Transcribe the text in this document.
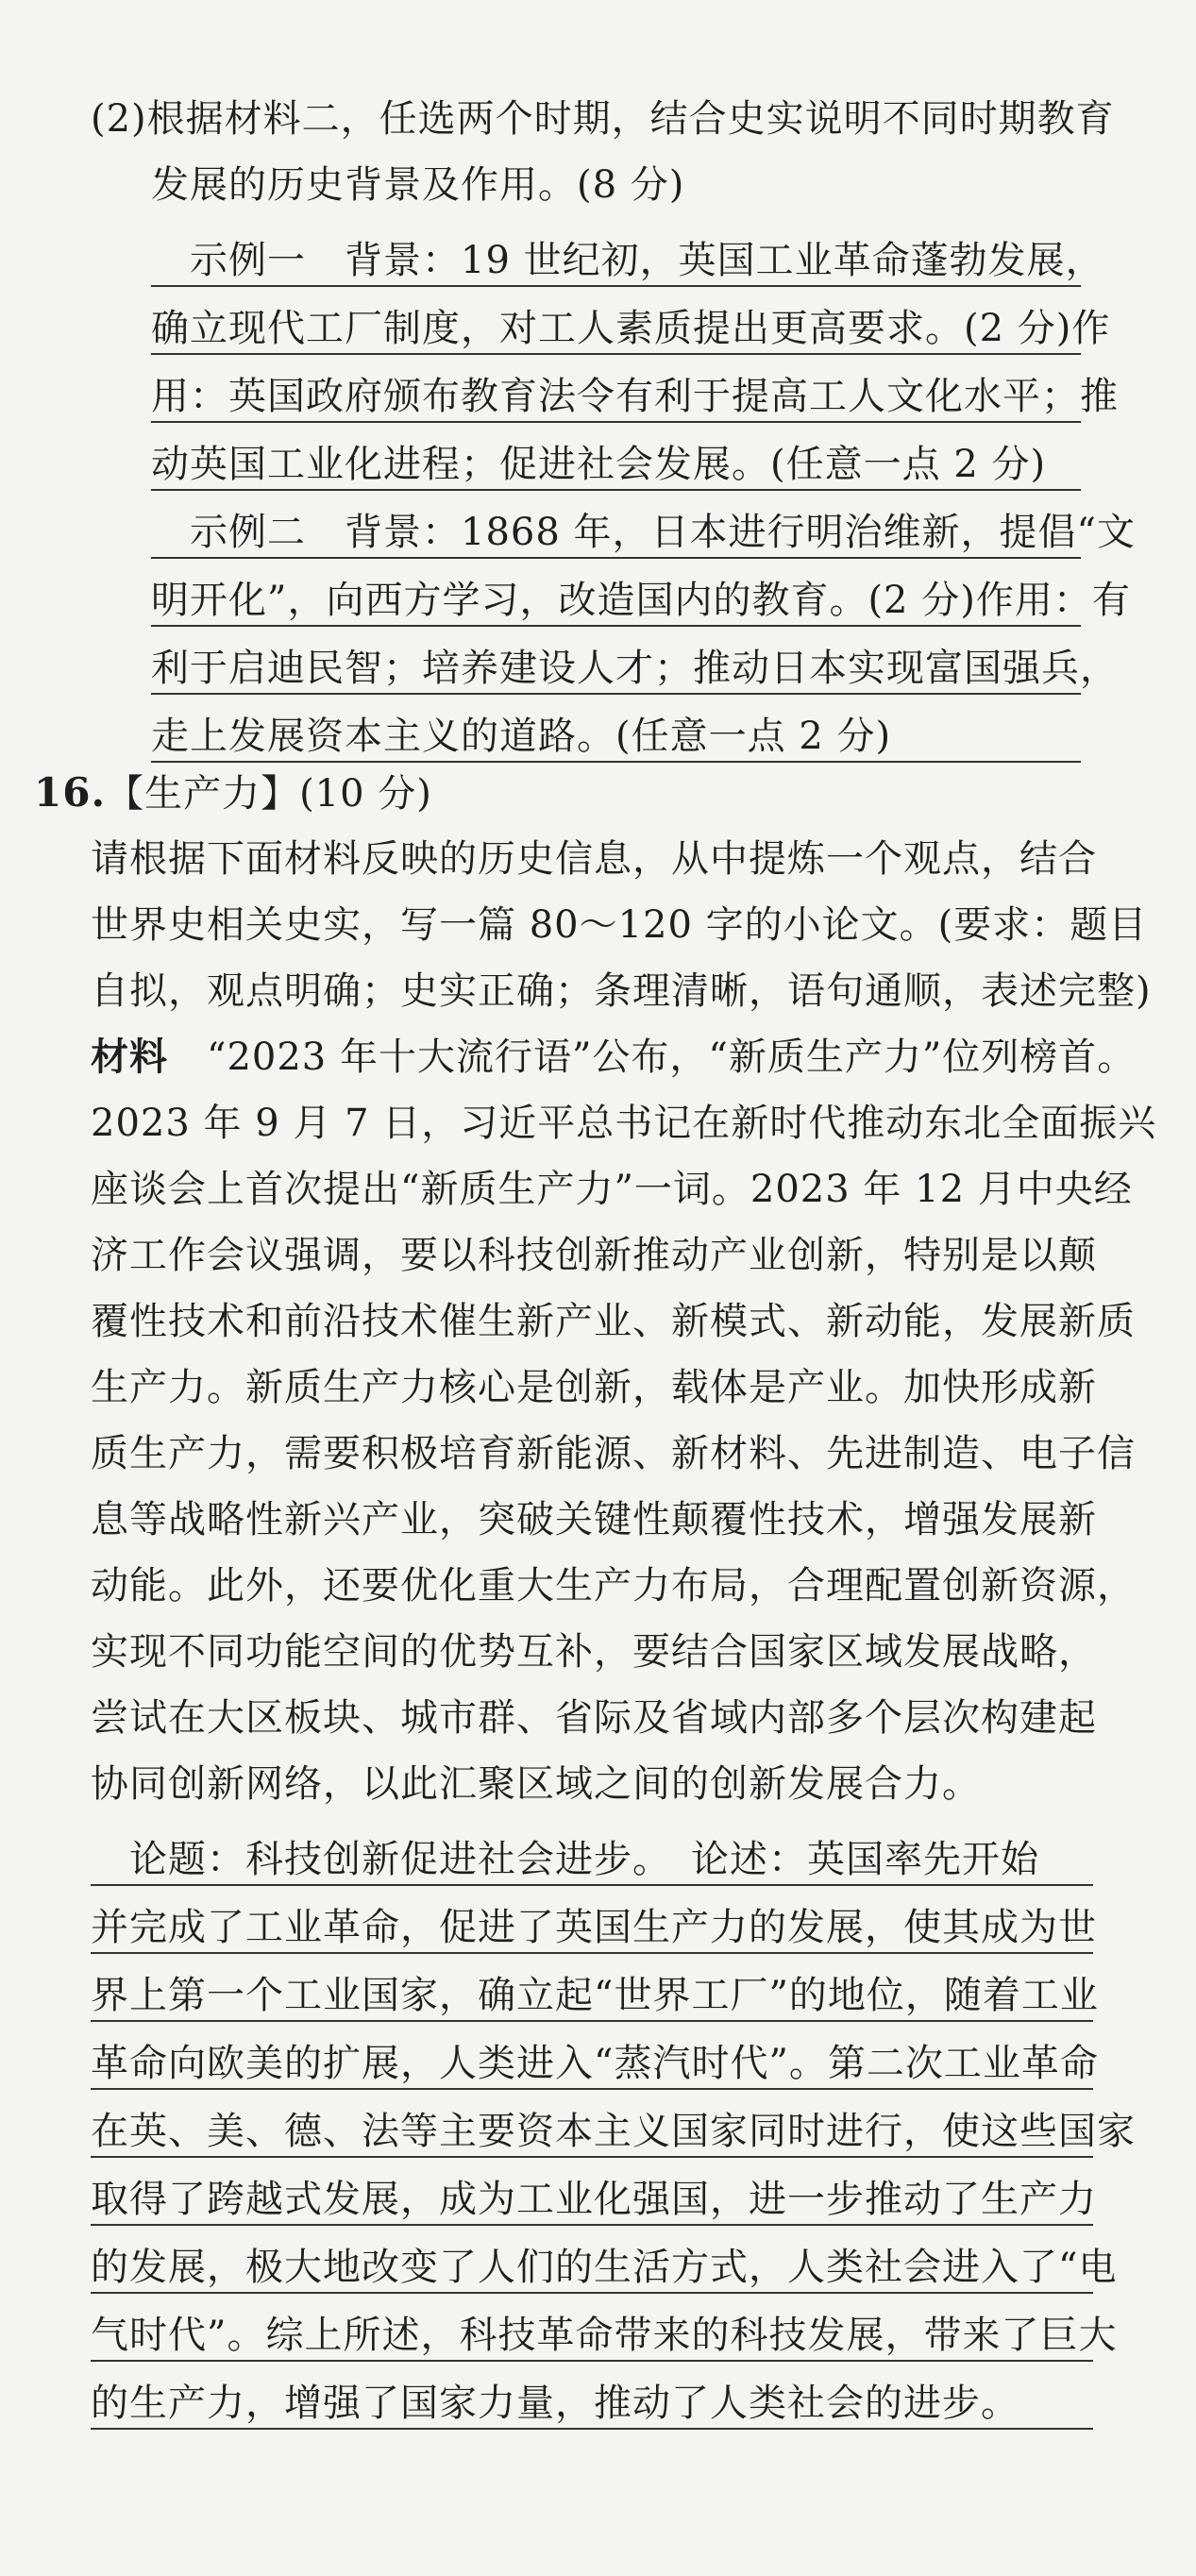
(2)根据材料二，任选两个时期，结合史实说明不同时期教育
发展的历史背景及作用。(8 分)
　示例一　背景：19 世纪初，英国工业革命蓬勃发展，
确立现代工厂制度，对工人素质提出更高要求。(2 分)作
用：英国政府颁布教育法令有利于提高工人文化水平；推
动英国工业化进程；促进社会发展。(任意一点 2 分)
　示例二　背景：1868 年，日本进行明治维新，提倡“文
明开化”，向西方学习，改造国内的教育。(2 分)作用：有
利于启迪民智；培养建设人才；推动日本实现富国强兵，
走上发展资本主义的道路。(任意一点 2 分)
16.【生产力】(10 分)
请根据下面材料反映的历史信息，从中提炼一个观点，结合
世界史相关史实，写一篇 80～120 字的小论文。(要求：题目
自拟，观点明确；史实正确；条理清晰，语句通顺，表述完整)
材料　 “2023 年十大流行语”公布，“新质生产力”位列榜首。
2023 年 9 月 7 日，习近平总书记在新时代推动东北全面振兴
座谈会上首次提出“新质生产力”一词。2023 年 12 月中央经
济工作会议强调，要以科技创新推动产业创新，特别是以颠
覆性技术和前沿技术催生新产业、新模式、新动能，发展新质
生产力。新质生产力核心是创新，载体是产业。加快形成新
质生产力，需要积极培育新能源、新材料、先进制造、电子信
息等战略性新兴产业，突破关键性颠覆性技术，增强发展新
动能。此外，还要优化重大生产力布局，合理配置创新资源，
实现不同功能空间的优势互补，要结合国家区域发展战略，
尝试在大区板块、城市群、省际及省域内部多个层次构建起
协同创新网络，以此汇聚区域之间的创新发展合力。
　论题：科技创新促进社会进步。　论述：英国率先开始
并完成了工业革命，促进了英国生产力的发展，使其成为世
界上第一个工业国家，确立起“世界工厂”的地位，随着工业
革命向欧美的扩展，人类进入“蒸汽时代”。第二次工业革命
在英、美、德、法等主要资本主义国家同时进行，使这些国家
取得了跨越式发展，成为工业化强国，进一步推动了生产力
的发展，极大地改变了人们的生活方式，人类社会进入了“电
气时代”。综上所述，科技革命带来的科技发展，带来了巨大
的生产力，增强了国家力量，推动了人类社会的进步。
